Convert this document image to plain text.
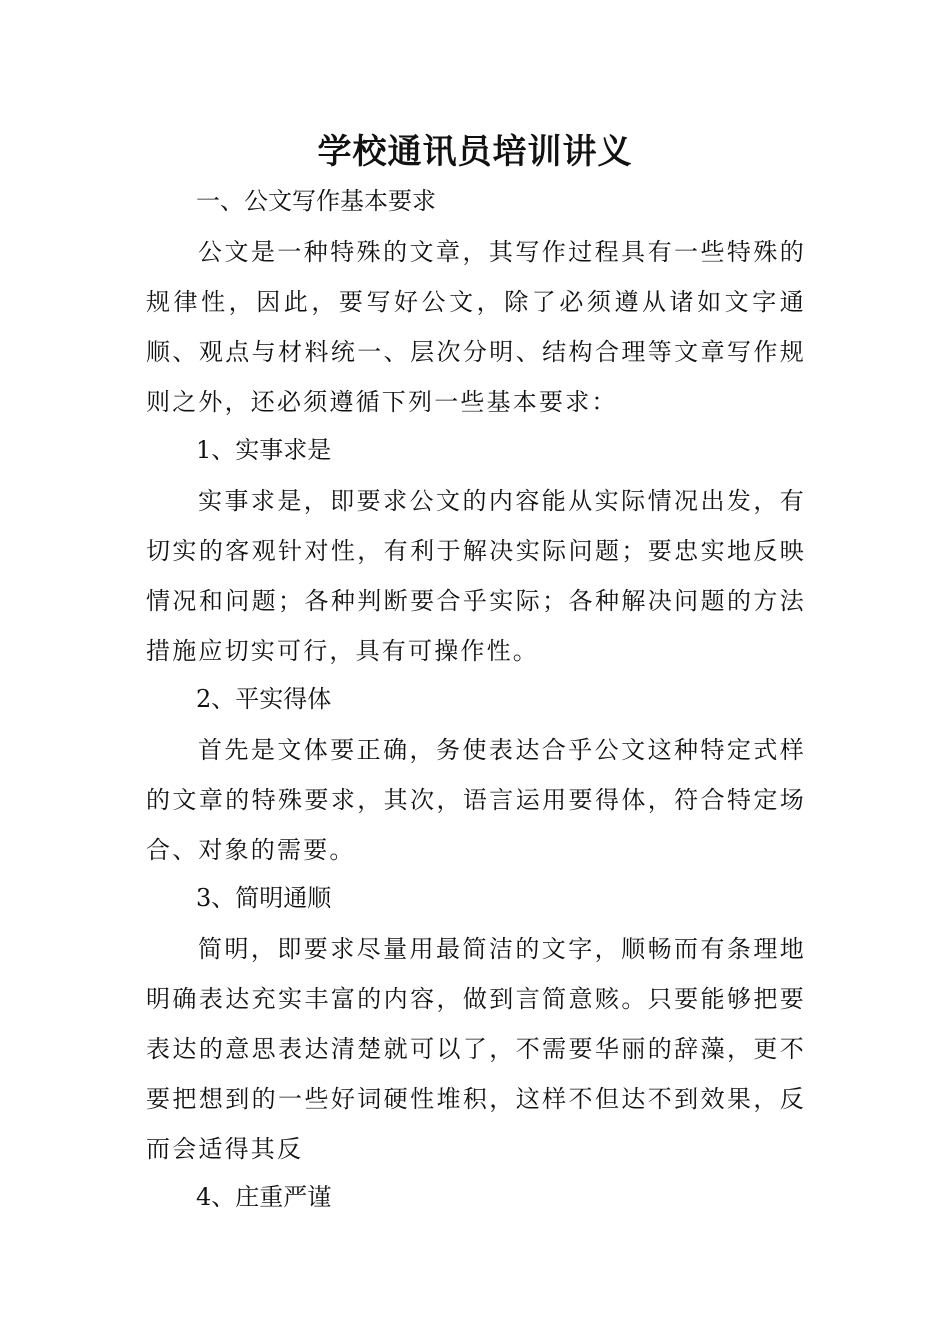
学校通讯员培训讲义

一、公文写作基本要求

公文是一种特殊的文章，其写作过程具有一些特殊的规律性，因此，要写好公文，除了必须遵从诸如文字通顺、观点与材料统一、层次分明、结构合理等文章写作规则之外，还必须遵循下列一些基本要求：

1、实事求是

实事求是，即要求公文的内容能从实际情况出发，有切实的客观针对性，有利于解决实际问题；要忠实地反映情况和问题；各种判断要合乎实际；各种解决问题的方法措施应切实可行，具有可操作性。

2、平实得体

首先是文体要正确，务使表达合乎公文这种特定式样的文章的特殊要求，其次，语言运用要得体，符合特定场合、对象的需要。

3、简明通顺

简明，即要求尽量用最简洁的文字，顺畅而有条理地明确表达充实丰富的内容，做到言简意赅。只要能够把要表达的意思表达清楚就可以了，不需要华丽的辞藻，更不要把想到的一些好词硬性堆积，这样不但达不到效果，反而会适得其反

4、庄重严谨
